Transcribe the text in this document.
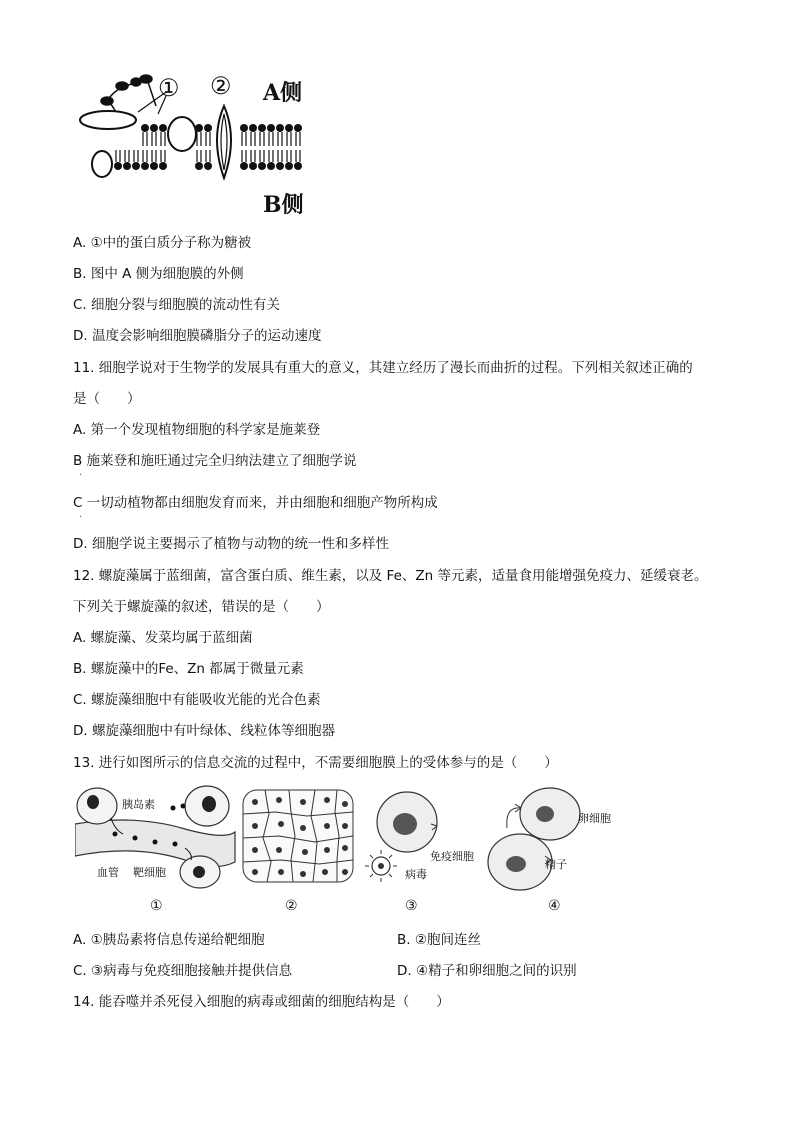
① ② A侧
B侧
A. ①中的蛋白质分子称为糖被
B. 图中 A 侧为细胞膜的外侧
C. 细胞分裂与细胞膜的流动性有关
D. 温度会影响细胞膜磷脂分子的运动速度
11. 细胞学说对于生物学的发展具有重大的意义，其建立经历了漫长而曲折的过程。下列相关叙述正确的
是（　　）
A. 第一个发现植物细胞的科学家是施莱登
B 施莱登和施旺通过完全归纳法建立了细胞学说
·
C 一切动植物都由细胞发育而来，并由细胞和细胞产物所构成
·
D. 细胞学说主要揭示了植物与动物的统一性和多样性
12. 螺旋藻属于蓝细菌，富含蛋白质、维生素，以及 Fe、Zn 等元素，适量食用能增强免疫力、延缓衰老。
下列关于螺旋藻的叙述，错误的是（　　）
A. 螺旋藻、发菜均属于蓝细菌
B. 螺旋藻中的Fe、Zn 都属于微量元素
C. 螺旋藻细胞中有能吸收光能的光合色素
D. 螺旋藻细胞中有叶绿体、线粒体等细胞器
13. 进行如图所示的信息交流的过程中，不需要细胞膜上的受体参与的是（　　）
胰岛素
血管 靶细胞
免疫细胞
病毒
卵细胞
精子
①	②	③	④
A. ①胰岛素将信息传递给靶细胞	B. ②胞间连丝
C. ③病毒与免疫细胞接触并提供信息	D. ④精子和卵细胞之间的识别
14. 能吞噬并杀死侵入细胞的病毒或细菌的细胞结构是（　　）
